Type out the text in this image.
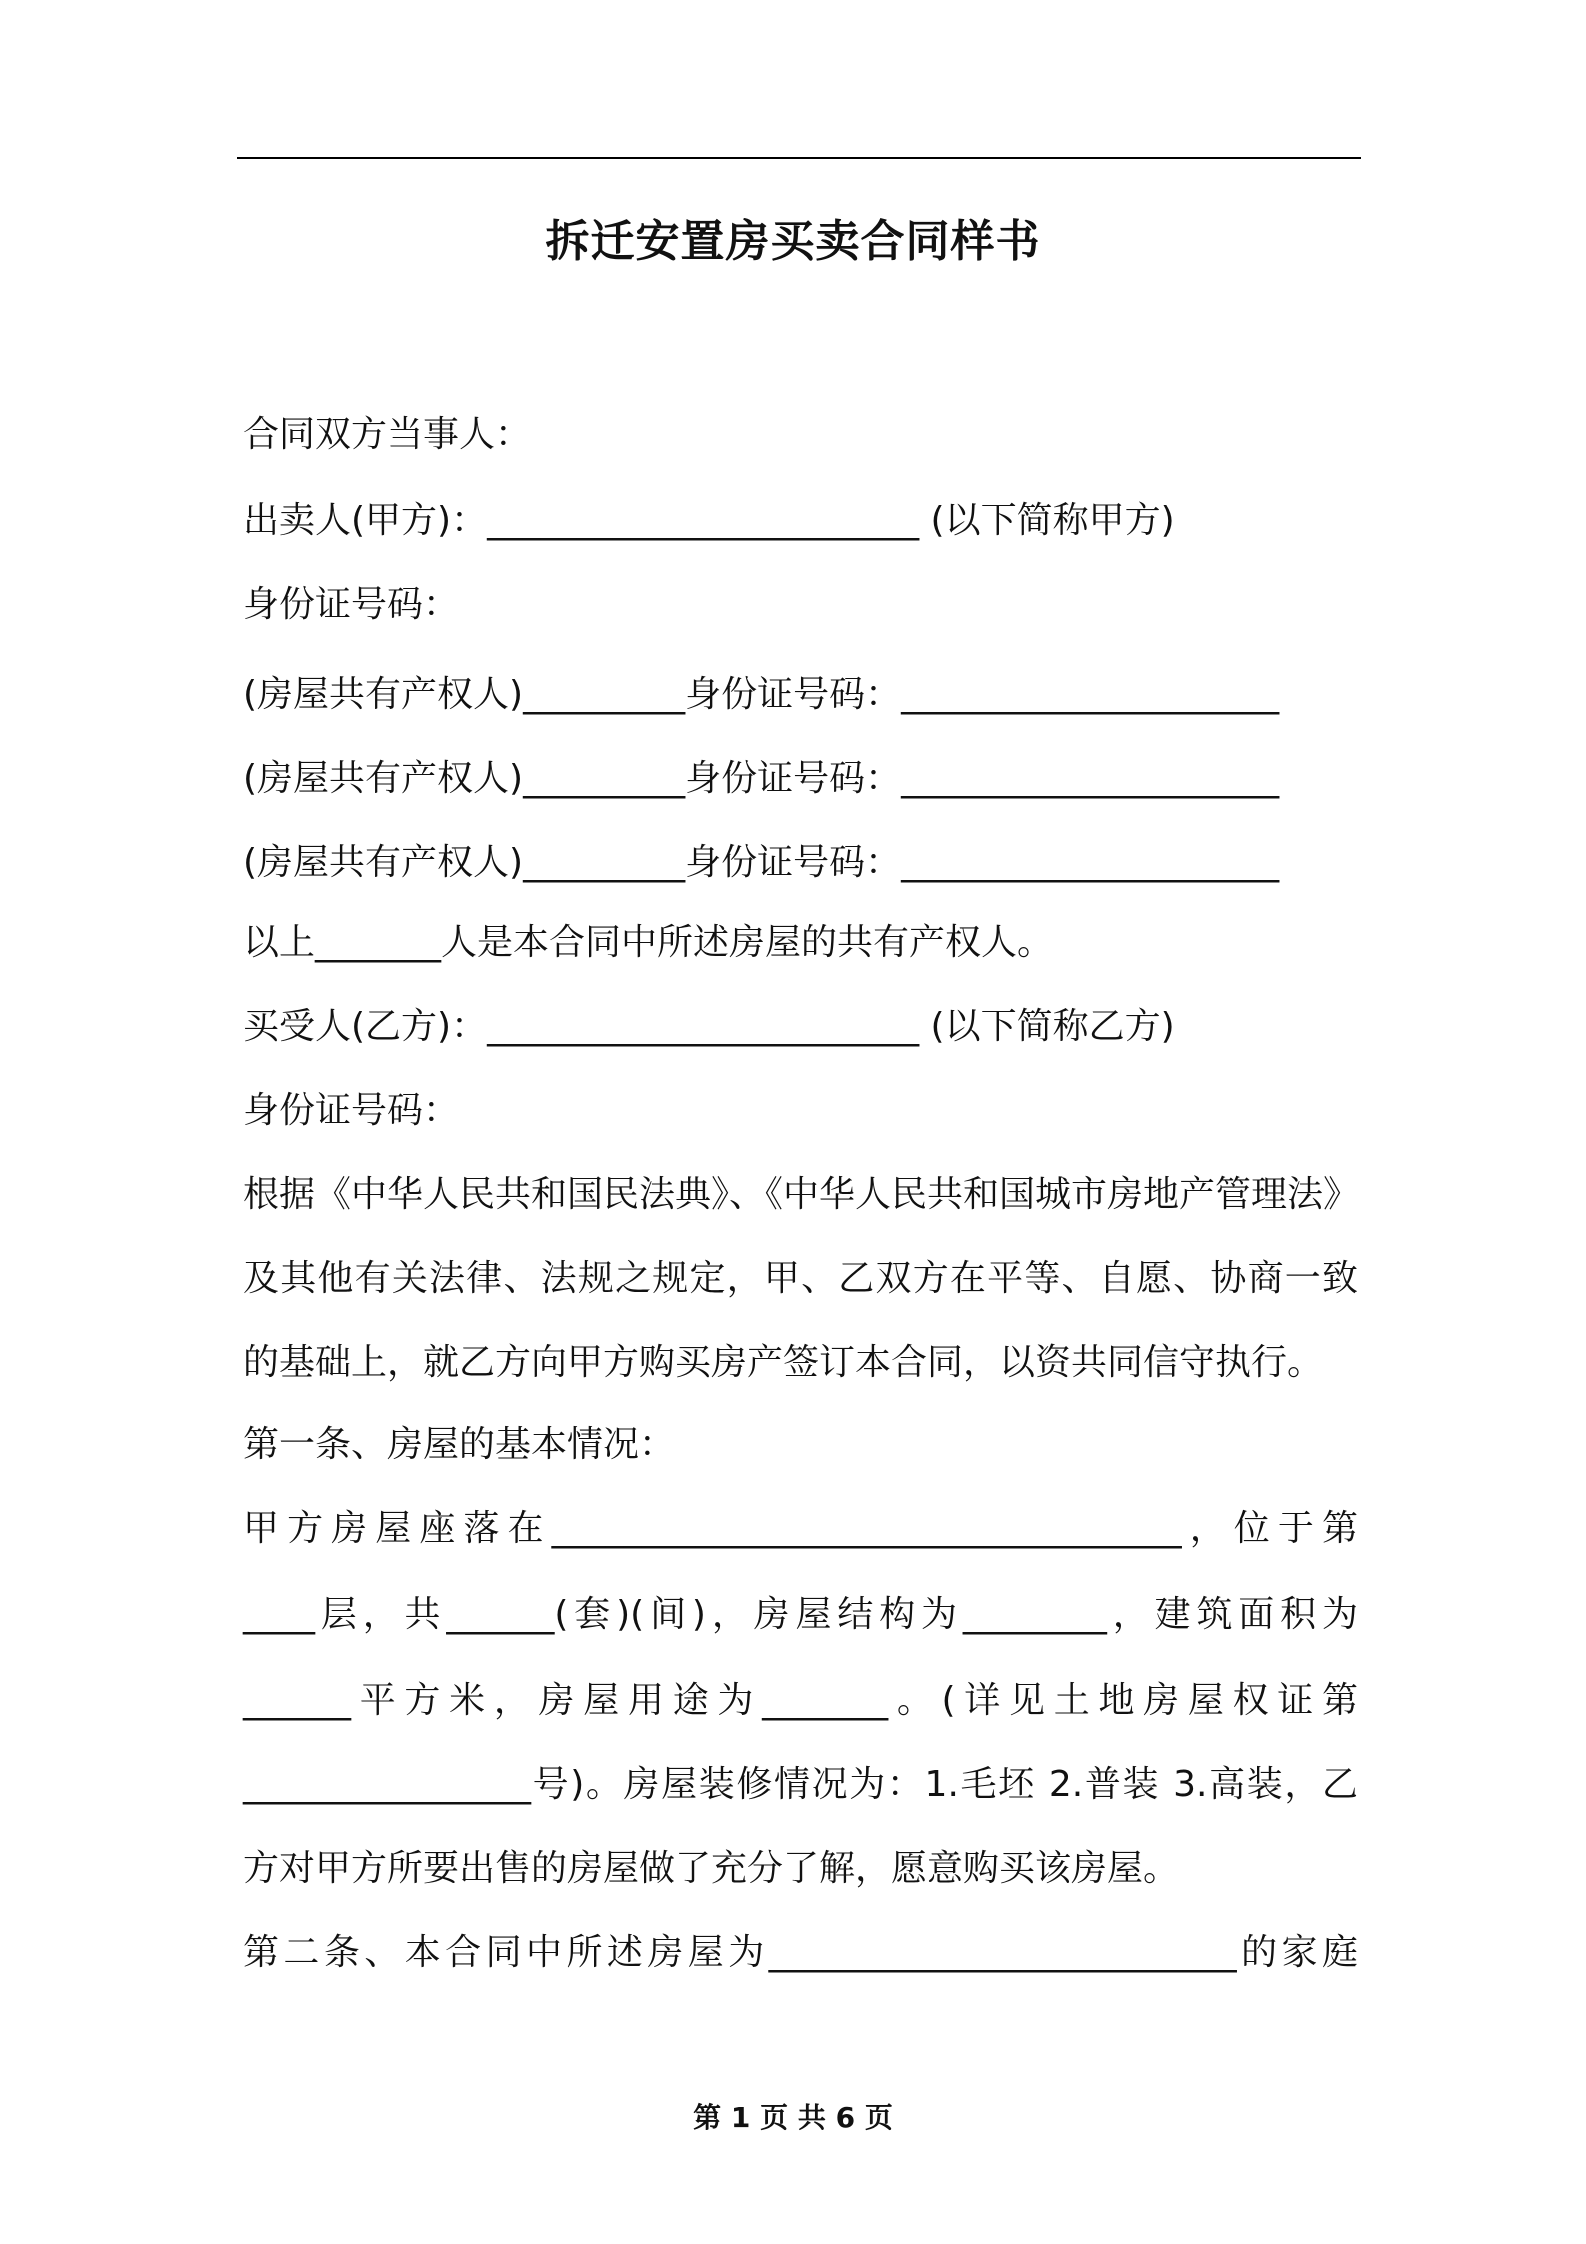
拆迁安置房买卖合同样书
合同双方当事人：
出卖人(甲方)：________________________ (以下简称甲方)
身份证号码：
(房屋共有产权人)_________身份证号码：_____________________
(房屋共有产权人)_________身份证号码：_____________________
(房屋共有产权人)_________身份证号码：_____________________
以上_______人是本合同中所述房屋的共有产权人。
买受人(乙方)：________________________ (以下简称乙方)
身份证号码：
根据《中华人民共和国民法典》、《中华人民共和国城市房地产管理法》
及其他有关法律、法规之规定，甲、乙双方在平等、自愿、协商一致
的基础上，就乙方向甲方购买房产签订本合同，以资共同信守执行。
第一条、房屋的基本情况：
甲方房屋座落在___________________________________，位于第
____层，共______(套)(间)，房屋结构为________，建筑面积为
______平方米，房屋用途为_______。(详见土地房屋权证第
________________号)。房屋装修情况为：1.毛坯 2.普装 3.高装，乙
方对甲方所要出售的房屋做了充分了解，愿意购买该房屋。
第二条、本合同中所述房屋为__________________________的家庭
第 1 页 共 6 页
